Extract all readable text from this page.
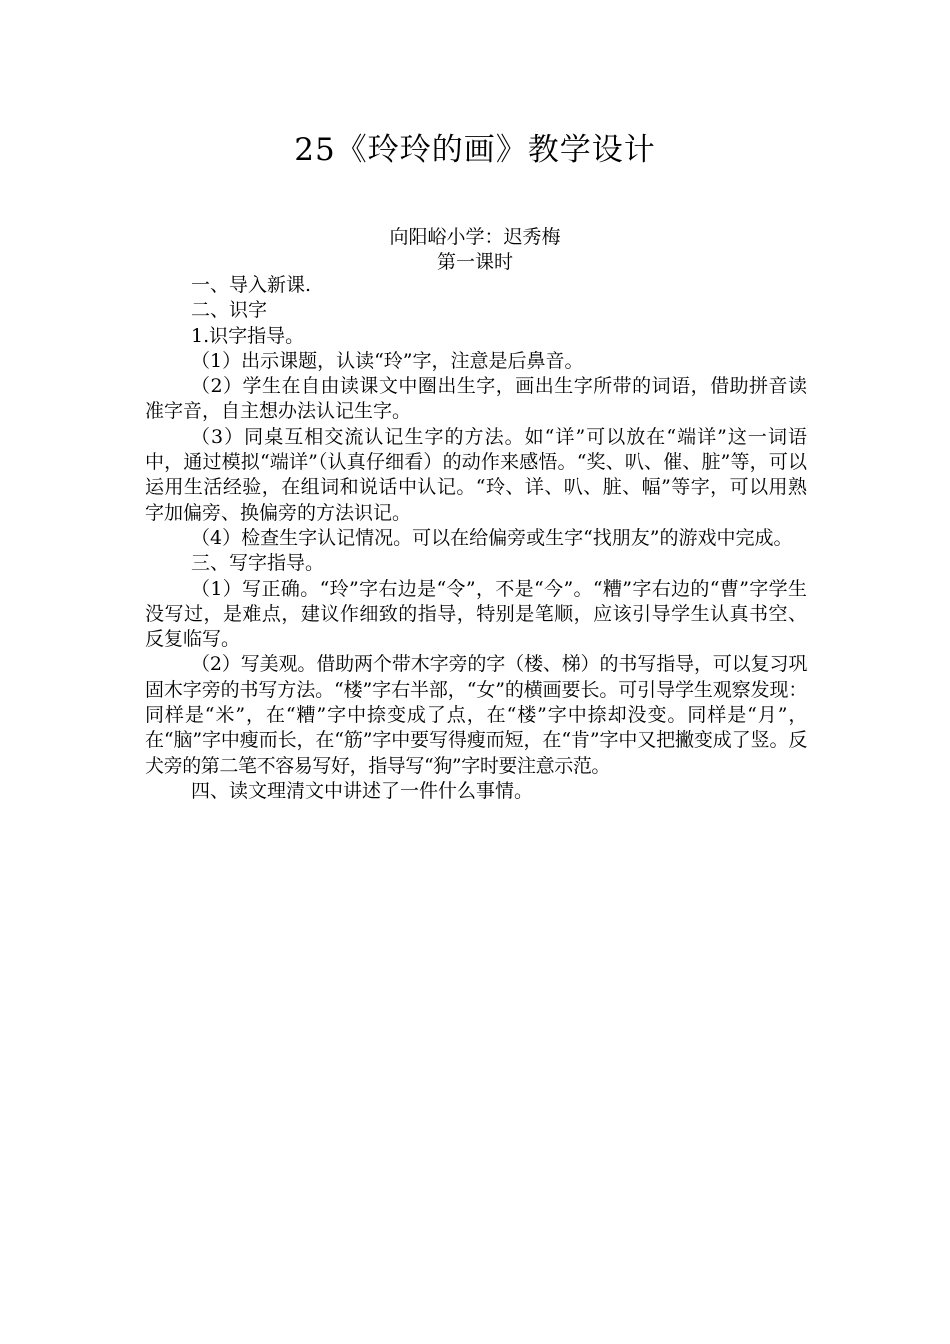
25《玲玲的画》教学设计
向阳峪小学：迟秀梅
第一课时

一、导入新课.

二、识字

1.识字指导。

（1）出示课题，认读“玲”字，注意是后鼻音。

（2）学生在自由读课文中圈出生字，画出生字所带的词语，借助拼音读准字音，自主想办法认记生字。

（3）同桌互相交流认记生字的方法。如“详”可以放在“端详”这一词语中，通过模拟“端详”（认真仔细看）的动作来感悟。“奖、叭、催、脏”等，可以运用生活经验，在组词和说话中认记。“玲、详、叭、脏、幅”等字，可以用熟字加偏旁、换偏旁的方法识记。

（4）检查生字认记情况。可以在给偏旁或生字“找朋友”的游戏中完成。

三、写字指导。

（1）写正确。“玲”字右边是“令”，不是“今”。“糟”字右边的“曹”字学生没写过，是难点，建议作细致的指导，特别是笔顺，应该引导学生认真书空、反复临写。

（2）写美观。借助两个带木字旁的字（楼、梯）的书写指导，可以复习巩固木字旁的书写方法。“楼”字右半部，“女”的横画要长。可引导学生观察发现：同样是“米”，在“糟”字中捺变成了点，在“楼”字中捺却没变。同样是“月”，在“脑”字中瘦而长，在“筋”字中要写得瘦而短，在“肯”字中又把撇变成了竖。反犬旁的第二笔不容易写好，指导写“狗”字时要注意示范。

四、读文理清文中讲述了一件什么事情。
